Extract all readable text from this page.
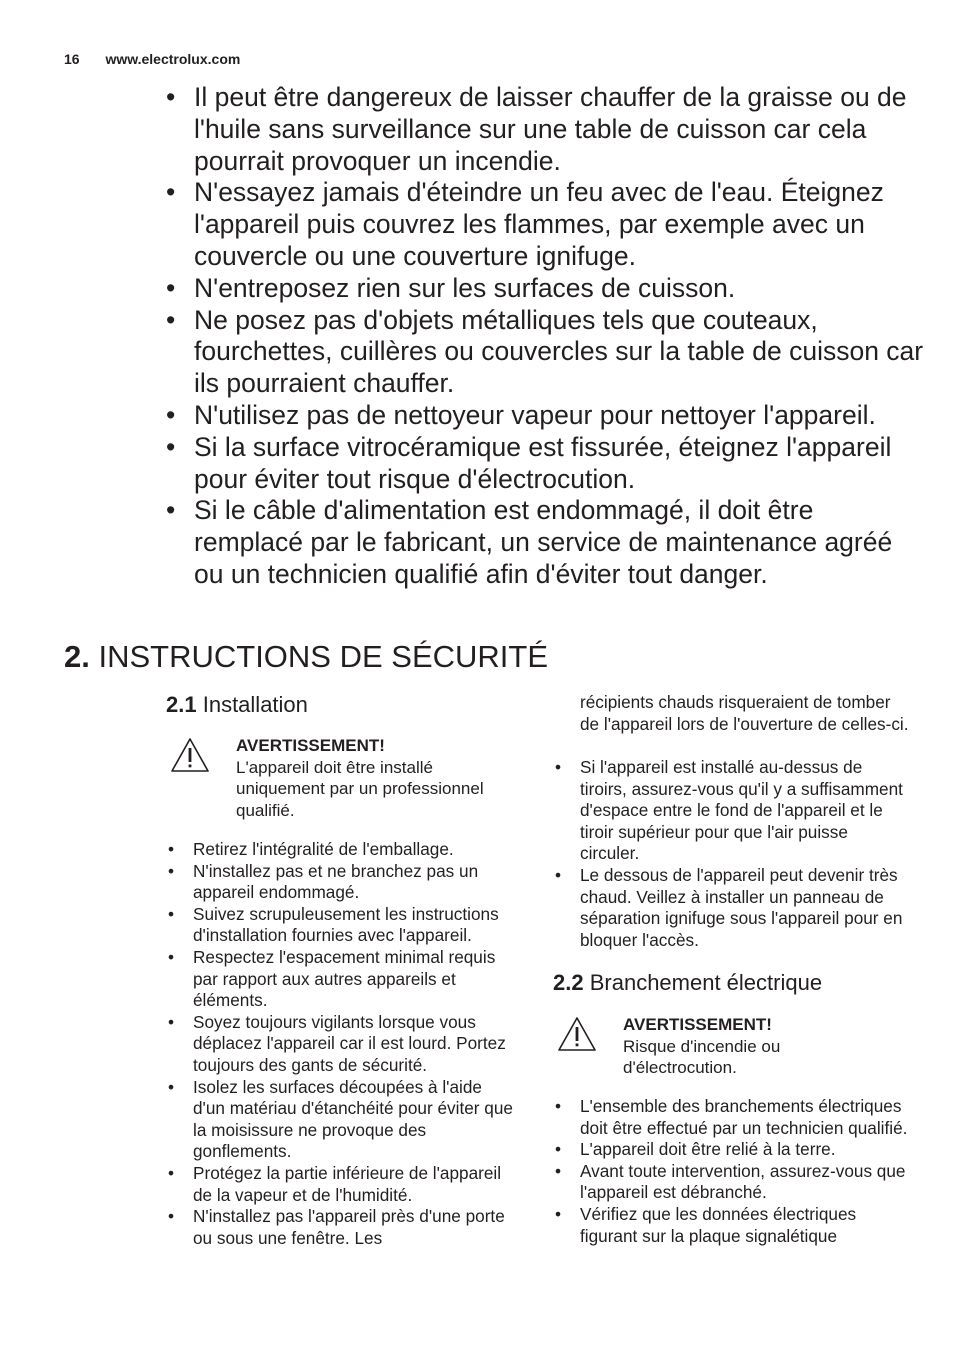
16 www.electrolux.com
• Il peut être dangereux de laisser chauffer de la graisse ou de l'huile sans surveillance sur une table de cuisson car cela pourrait provoquer un incendie.
• N'essayez jamais d'éteindre un feu avec de l'eau. Éteignez l'appareil puis couvrez les flammes, par exemple avec un couvercle ou une couverture ignifuge.
• N'entreposez rien sur les surfaces de cuisson.
• Ne posez pas d'objets métalliques tels que couteaux, fourchettes, cuillères ou couvercles sur la table de cuisson car ils pourraient chauffer.
• N'utilisez pas de nettoyeur vapeur pour nettoyer l'appareil.
• Si la surface vitrocéramique est fissurée, éteignez l'appareil pour éviter tout risque d'électrocution.
• Si le câble d'alimentation est endommagé, il doit être remplacé par le fabricant, un service de maintenance agréé ou un technicien qualifié afin d'éviter tout danger.
2. INSTRUCTIONS DE SÉCURITÉ
2.1 Installation
AVERTISSEMENT!
L'appareil doit être installé uniquement par un professionnel qualifié.
• Retirez l'intégralité de l'emballage.
• N'installez pas et ne branchez pas un appareil endommagé.
• Suivez scrupuleusement les instructions d'installation fournies avec l'appareil.
• Respectez l'espacement minimal requis par rapport aux autres appareils et éléments.
• Soyez toujours vigilants lorsque vous déplacez l'appareil car il est lourd. Portez toujours des gants de sécurité.
• Isolez les surfaces découpées à l'aide d'un matériau d'étanchéité pour éviter que la moisissure ne provoque des gonflements.
• Protégez la partie inférieure de l'appareil de la vapeur et de l'humidité.
• N'installez pas l'appareil près d'une porte ou sous une fenêtre. Les
récipients chauds risqueraient de tomber de l'appareil lors de l'ouverture de celles-ci.
• Si l'appareil est installé au-dessus de tiroirs, assurez-vous qu'il y a suffisamment d'espace entre le fond de l'appareil et le tiroir supérieur pour que l'air puisse circuler.
• Le dessous de l'appareil peut devenir très chaud. Veillez à installer un panneau de séparation ignifuge sous l'appareil pour en bloquer l'accès.
2.2 Branchement électrique
AVERTISSEMENT!
Risque d'incendie ou d'électrocution.
• L'ensemble des branchements électriques doit être effectué par un technicien qualifié.
• L'appareil doit être relié à la terre.
• Avant toute intervention, assurez-vous que l'appareil est débranché.
• Vérifiez que les données électriques figurant sur la plaque signalétique
